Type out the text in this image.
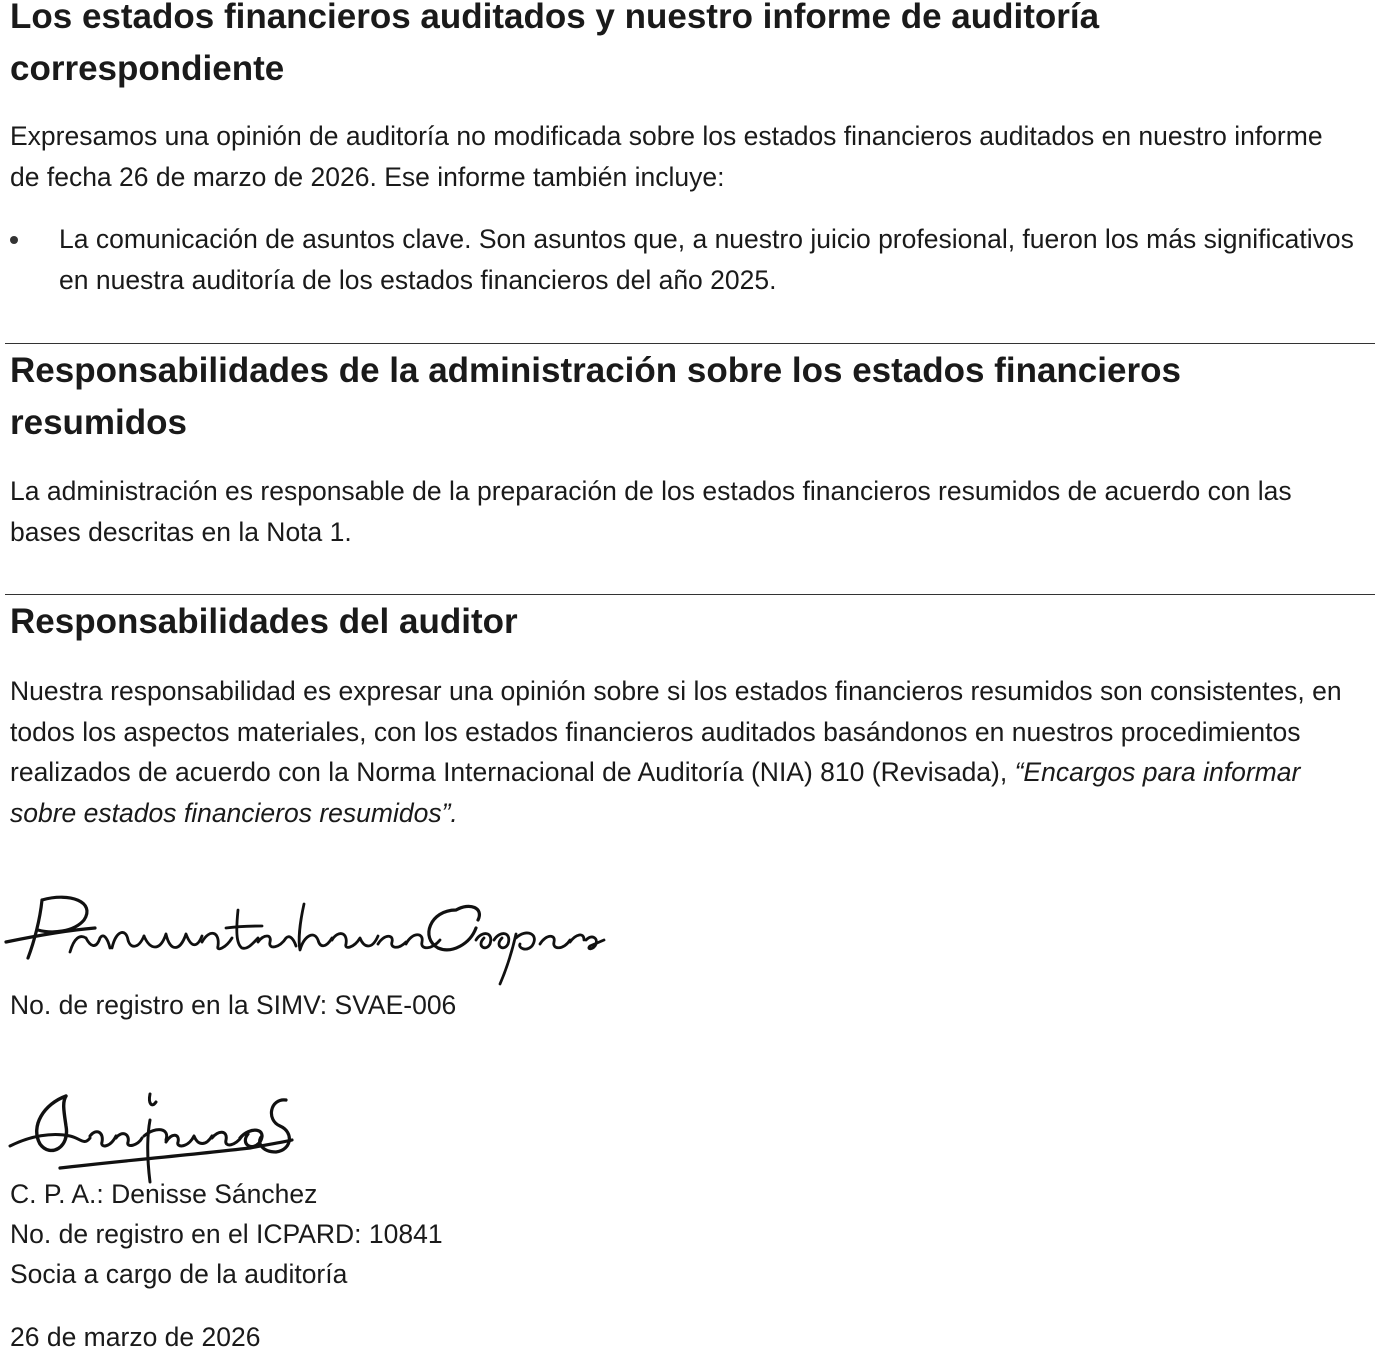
Los estados financieros auditados y nuestro informe de auditoría correspondiente

Expresamos una opinión de auditoría no modificada sobre los estados financieros auditados en nuestro informe de fecha 26 de marzo de 2026. Ese informe también incluye:

La comunicación de asuntos clave. Son asuntos que, a nuestro juicio profesional, fueron los más significativos en nuestra auditoría de los estados financieros del año 2025.

Responsabilidades de la administración sobre los estados financieros resumidos

La administración es responsable de la preparación de los estados financieros resumidos de acuerdo con las bases descritas en la Nota 1.

Responsabilidades del auditor

Nuestra responsabilidad es expresar una opinión sobre si los estados financieros resumidos son consistentes, en todos los aspectos materiales, con los estados financieros auditados basándonos en nuestros procedimientos realizados de acuerdo con la Norma Internacional de Auditoría (NIA) 810 (Revisada), “Encargos para informar sobre estados financieros resumidos”.

No. de registro en la SIMV: SVAE-006

C. P. A.: Denisse Sánchez

No. de registro en el ICPARD: 10841

Socia a cargo de la auditoría

26 de marzo de 2026
